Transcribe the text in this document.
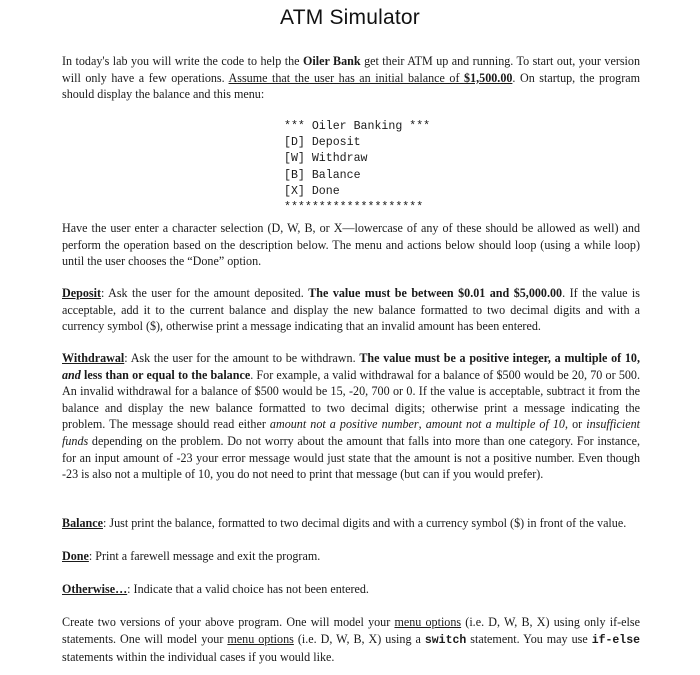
ATM Simulator

In today's lab you will write the code to help the Oiler Bank get their ATM up and running. To start out, your version will only have a few operations. Assume that the user has an initial balance of $1,500.00. On startup, the program should display the balance and this menu:

*** Oiler Banking ***
[D] Deposit
[W] Withdraw
[B] Balance
[X] Done
********************

Have the user enter a character selection (D, W, B, or X—lowercase of any of these should be allowed as well) and perform the operation based on the description below. The menu and actions below should loop (using a while loop) until the user chooses the “Done” option.

Deposit: Ask the user for the amount deposited. The value must be between $0.01 and $5,000.00. If the value is acceptable, add it to the current balance and display the new balance formatted to two decimal digits and with a currency symbol ($), otherwise print a message indicating that an invalid amount has been entered.

Withdrawal: Ask the user for the amount to be withdrawn. The value must be a positive integer, a multiple of 10, and less than or equal to the balance. For example, a valid withdrawal for a balance of $500 would be 20, 70 or 500. An invalid withdrawal for a balance of $500 would be 15, -20, 700 or 0. If the value is acceptable, subtract it from the balance and display the new balance formatted to two decimal digits; otherwise print a message indicating the problem. The message should read either amount not a positive number, amount not a multiple of 10, or insufficient funds depending on the problem. Do not worry about the amount that falls into more than one category. For instance, for an input amount of -23 your error message would just state that the amount is not a positive number. Even though -23 is also not a multiple of 10, you do not need to print that message (but can if you would prefer).

Balance: Just print the balance, formatted to two decimal digits and with a currency symbol ($) in front of the value.

Done: Print a farewell message and exit the program.

Otherwise…: Indicate that a valid choice has not been entered.

Create two versions of your above program. One will model your menu options (i.e. D, W, B, X) using only if-else statements. One will model your menu options (i.e. D, W, B, X) using a switch statement. You may use if-else statements within the individual cases if you would like.
